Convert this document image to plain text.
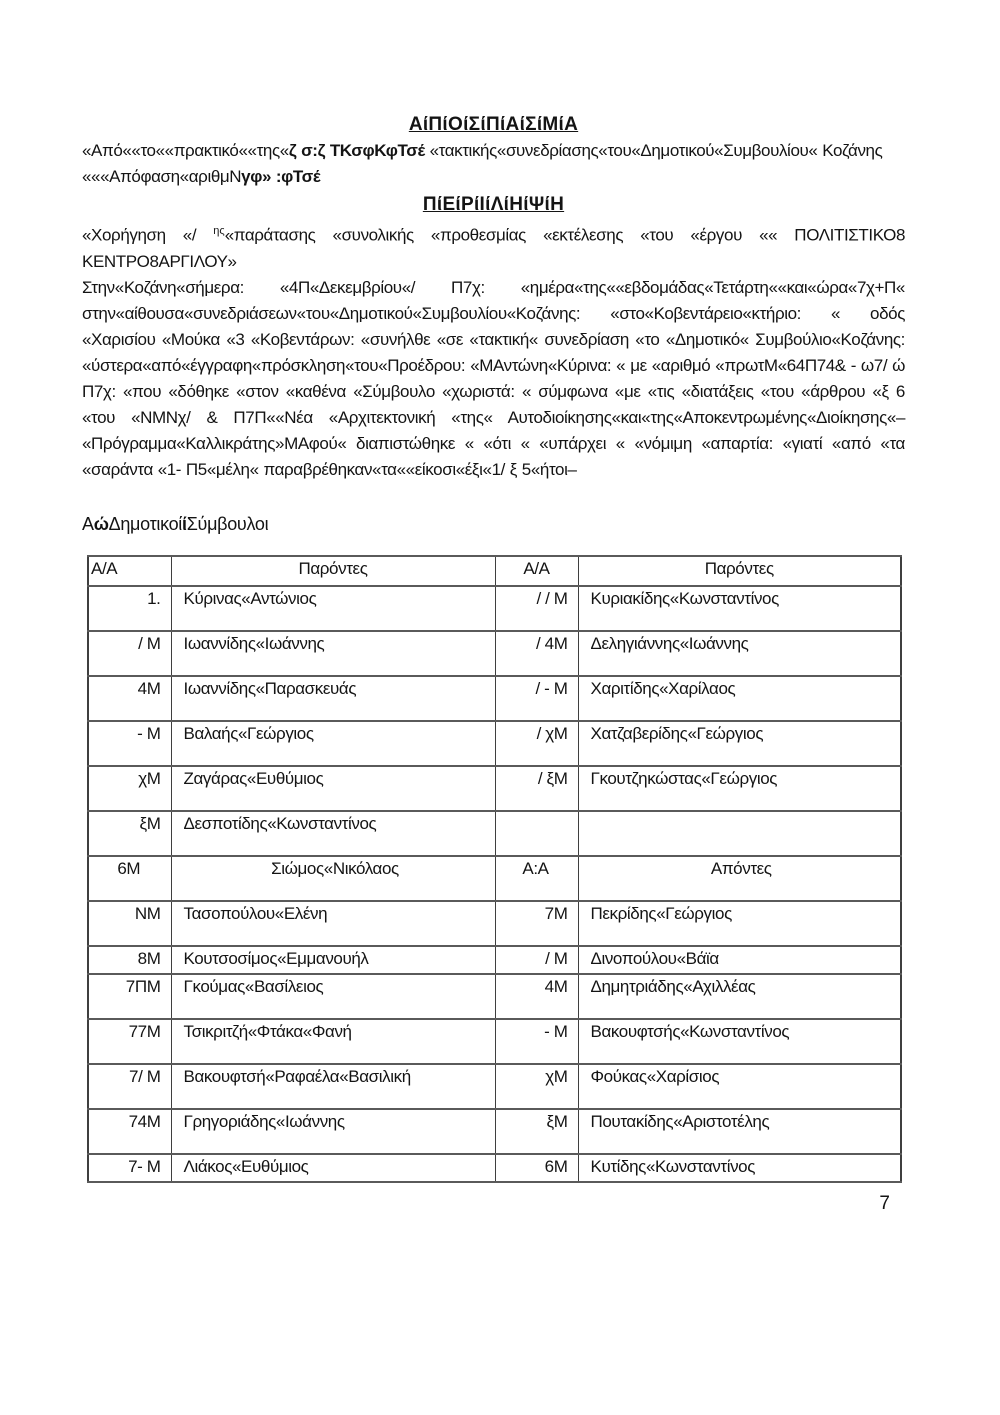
ΑίΠίΟίΣίΠίΑίΣίΜίΑ

«Από««το««πρακτικό««της«ζ σ:ζ ΤΚσφΚφΤσέ «τακτικής«συνεδρίασης«του«Δημοτικού«Συμβουλίου« Κοζάνης

«««Απόφαση«αριθμΝγφ» :φΤσέ

ΠίΕίΡίΙίΛίΗίΨίΗ

«Χορήγηση «/ $^{\eta\varsigma}$«παράτασης «συνολικής «προθεσμίας «εκτέλεσης «του «έργου «« ΠΟΛΙΤΙΣΤΙΚΟ8 ΚΕΝΤΡΟ8ΑΡΓΙΛΟΥ»

Στην«Κοζάνη«σήμερα: «4Π«Δεκεμβρίου«/ Π7χ: «ημέρα«της««εβδομάδας«Τετάρτη««και«ώρα«7χ+Π« στην«αίθουσα«συνεδριάσεων«του«Δημοτικού«Συμβουλίου«Κοζάνης: «στο«Κοβεντάρειο«κτήριο: « οδός «Χαρισίου «Μούκα «3 «Κοβεντάρων: «συνήλθε «σε «τακτική« συνεδρίαση «το «Δημοτικό« Συμβούλιο«Κοζάνης: «ύστερα«από«έγγραφη«πρόσκληση«του«Προέδρου: «ΜΑντώνη«Κύρινα: « με «αριθμό «πρωτΜ«64Π74& - ω7/ ώ Π7χ: «που «δόθηκε «στον «καθένα «Σύμβουλο «χωριστά: « σύμφωνα «με «τις «διατάξεις «του «άρθρου «ξ 6 «του «ΝΜΝχ/ & Π7Π««Νέα «Αρχιτεκτονική «της« Αυτοδιοίκησης«και«της«Αποκεντρωμένης«Διοίκησης«– «Πρόγραμμα«Καλλικράτης»ΜΑφού« διαπιστώθηκε « «ότι « «υπάρχει « «νόμιμη «απαρτία: «γιατί «από «τα «σαράντα «1- Π5«μέλη« παραβρέθηκαν«τα««είκοσι«έξι«1/ ξ 5«ήτοι–

ΑώΔημοτικοίίΣύμβουλοι
Α/Α	Παρόντες	Α/Α	Παρόντες
1.	Κύρινας«Αντώνιος	/ / Μ	Κυριακίδης«Κωνσταντίνος
/ Μ	Ιωαννίδης«Ιωάννης	/ 4Μ	Δεληγιάννης«Ιωάννης
4Μ	Ιωαννίδης«Παρασκευάς	/ - Μ	Χαριτίδης«Χαρίλαος
- Μ	Βαλαής«Γεώργιος	/ χΜ	Χατζαβερίδης«Γεώργιος
χΜ	Ζαγάρας«Ευθύμιος	/ ξΜ	Γκουτζηκώστας«Γεώργιος
ξΜ	Δεσποτίδης«Κωνσταντίνος		
6Μ	Σιώμος«Νικόλαος	Α:Α	Απόντες
ΝΜ	Τασοπούλου«Ελένη	7Μ	Πεκρίδης«Γεώργιος
8Μ	Κουτσοσίμος«Εμμανουήλ	/ Μ	Δινοπούλου«Βάϊα
7ΠΜ	Γκούμας«Βασίλειος	4Μ	Δημητριάδης«Αχιλλέας
77Μ	Τσικριτζή«Φτάκα«Φανή	- Μ	Βακουφτσής«Κωνσταντίνος
7/ Μ	Βακουφτσή«Ραφαέλα«Βασιλική	χΜ	Φούκας«Χαρίσιος
74Μ	Γρηγοριάδης«Ιωάννης	ξΜ	Πουτακίδης«Αριστοτέλης
7- Μ	Λιάκος«Ευθύμιος	6Μ	Κυτίδης«Κωνσταντίνος
7
